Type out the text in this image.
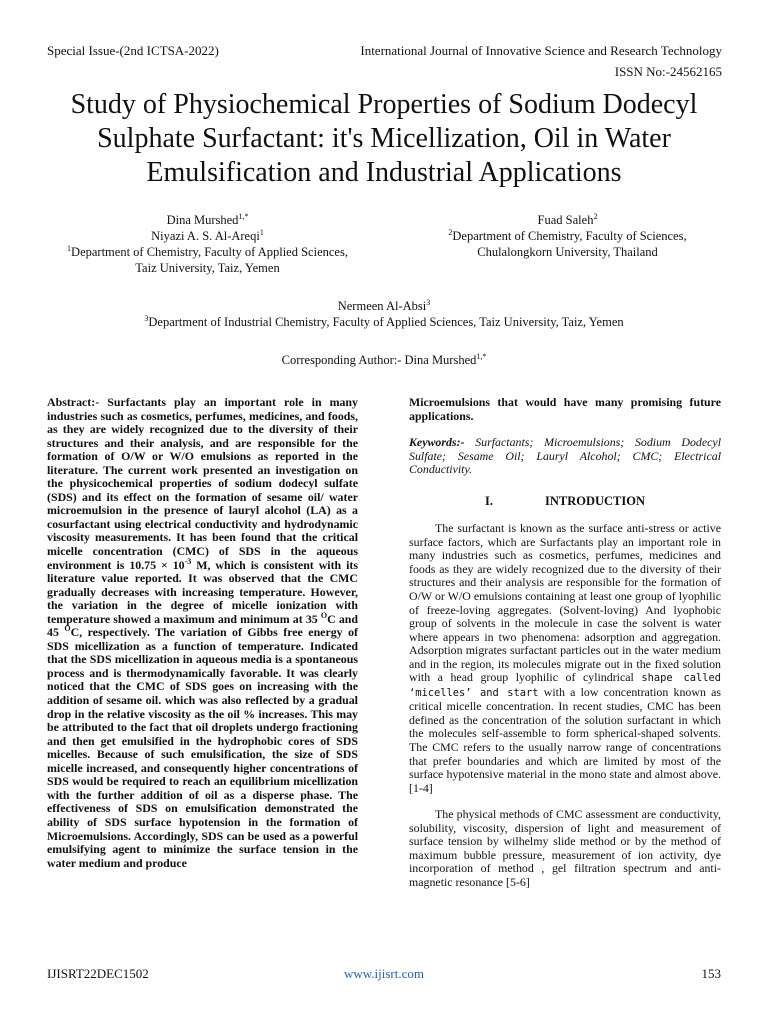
Special Issue-(2nd ICTSA-2022)	International Journal of Innovative Science and Research Technology
ISSN No:-24562165
Study of Physiochemical Properties of Sodium Dodecyl Sulphate Surfactant: it's Micellization, Oil in Water Emulsification and Industrial Applications
Dina Murshed$^{1,*}$
Niyazi A. S. Al-Areqi$^1$
$^1$Department of Chemistry, Faculty of Applied Sciences,
Taiz University, Taiz, Yemen
Fuad Saleh$^2$
$^2$Department of Chemistry, Faculty of Sciences,
Chulalongkorn University, Thailand
Nermeen Al-Absi$^3$
$^3$Department of Industrial Chemistry, Faculty of Applied Sciences, Taiz University, Taiz, Yemen
Corresponding Author:- Dina Murshed$^{1,*}$

Abstract:- Surfactants play an important role in many industries such as cosmetics, perfumes, medicines, and foods, as they are widely recognized due to the diversity of their structures and their analysis, and are responsible for the formation of O/W or W/O emulsions as reported in the literature. The current work presented an investigation on the physicochemical properties of sodium dodecyl sulfate (SDS) and its effect on the formation of sesame oil/ water microemulsion in the presence of lauryl alcohol (LA) as a cosurfactant using electrical conductivity and hydrodynamic viscosity measurements. It has been found that the critical micelle concentration (CMC) of SDS in the aqueous environment is $10.75 \times 10^{-3}$ M, which is consistent with its literature value reported. It was observed that the CMC gradually decreases with increasing temperature. However, the variation in the degree of micelle ionization with temperature showed a maximum and minimum at 35 $^O$C and 45 $^O$C, respectively. The variation of Gibbs free energy of SDS micellization as a function of temperature. Indicated that the SDS micellization in aqueous media is a spontaneous process and is thermodynamically favorable. It was clearly noticed that the CMC of SDS goes on increasing with the addition of sesame oil. which was also reflected by a gradual drop in the relative viscosity as the oil % increases. This may be attributed to the fact that oil droplets undergo fractioning and then get emulsified in the hydrophobic cores of SDS micelles. Because of such emulsification, the size of SDS micelle increased, and consequently higher concentrations of SDS would be required to reach an equilibrium micellization with the further addition of oil as a disperse phase. The effectiveness of SDS on emulsification demonstrated the ability of SDS surface hypotension in the formation of Microemulsions. Accordingly, SDS can be used as a powerful emulsifying agent to minimize the surface tension in the water medium and produce

Microemulsions that would have many promising future applications.

Keywords:- Surfactants; Microemulsions; Sodium Dodecyl Sulfate; Sesame Oil; Lauryl Alcohol; CMC; Electrical Conductivity.

I.	INTRODUCTION

The surfactant is known as the surface anti-stress or active surface factors, which are Surfactants play an important role in many industries such as cosmetics, perfumes, medicines and foods as they are widely recognized due to the diversity of their structures and their analysis are responsible for the formation of O/W or W/O emulsions containing at least one group of lyophilic of freeze-loving aggregates. (Solvent-loving) And lyophobic group of solvents in the molecule in case the solvent is water where appears in two phenomena: adsorption and aggregation. Adsorption migrates surfactant particles out in the water medium and in the region, its molecules migrate out in the fixed solution with a head group lyophilic of cylindrical shape called ‘micelles’ and start with a low concentration known as critical micelle concentration. In recent studies, CMC has been defined as the concentration of the solution surfactant in which the molecules self-assemble to form spherical-shaped solvents. The CMC refers to the usually narrow range of concentrations that prefer boundaries and which are limited by most of the surface hypotensive material in the mono state and almost above. [1-4]

The physical methods of CMC assessment are conductivity, solubility, viscosity, dispersion of light and measurement of surface tension by wilhelmy slide method or by the method of maximum bubble pressure, measurement of ion activity, dye incorporation of method , gel filtration spectrum and anti-magnetic resonance [5-6]

IJISRT22DEC1502	www.ijisrt.com	153
